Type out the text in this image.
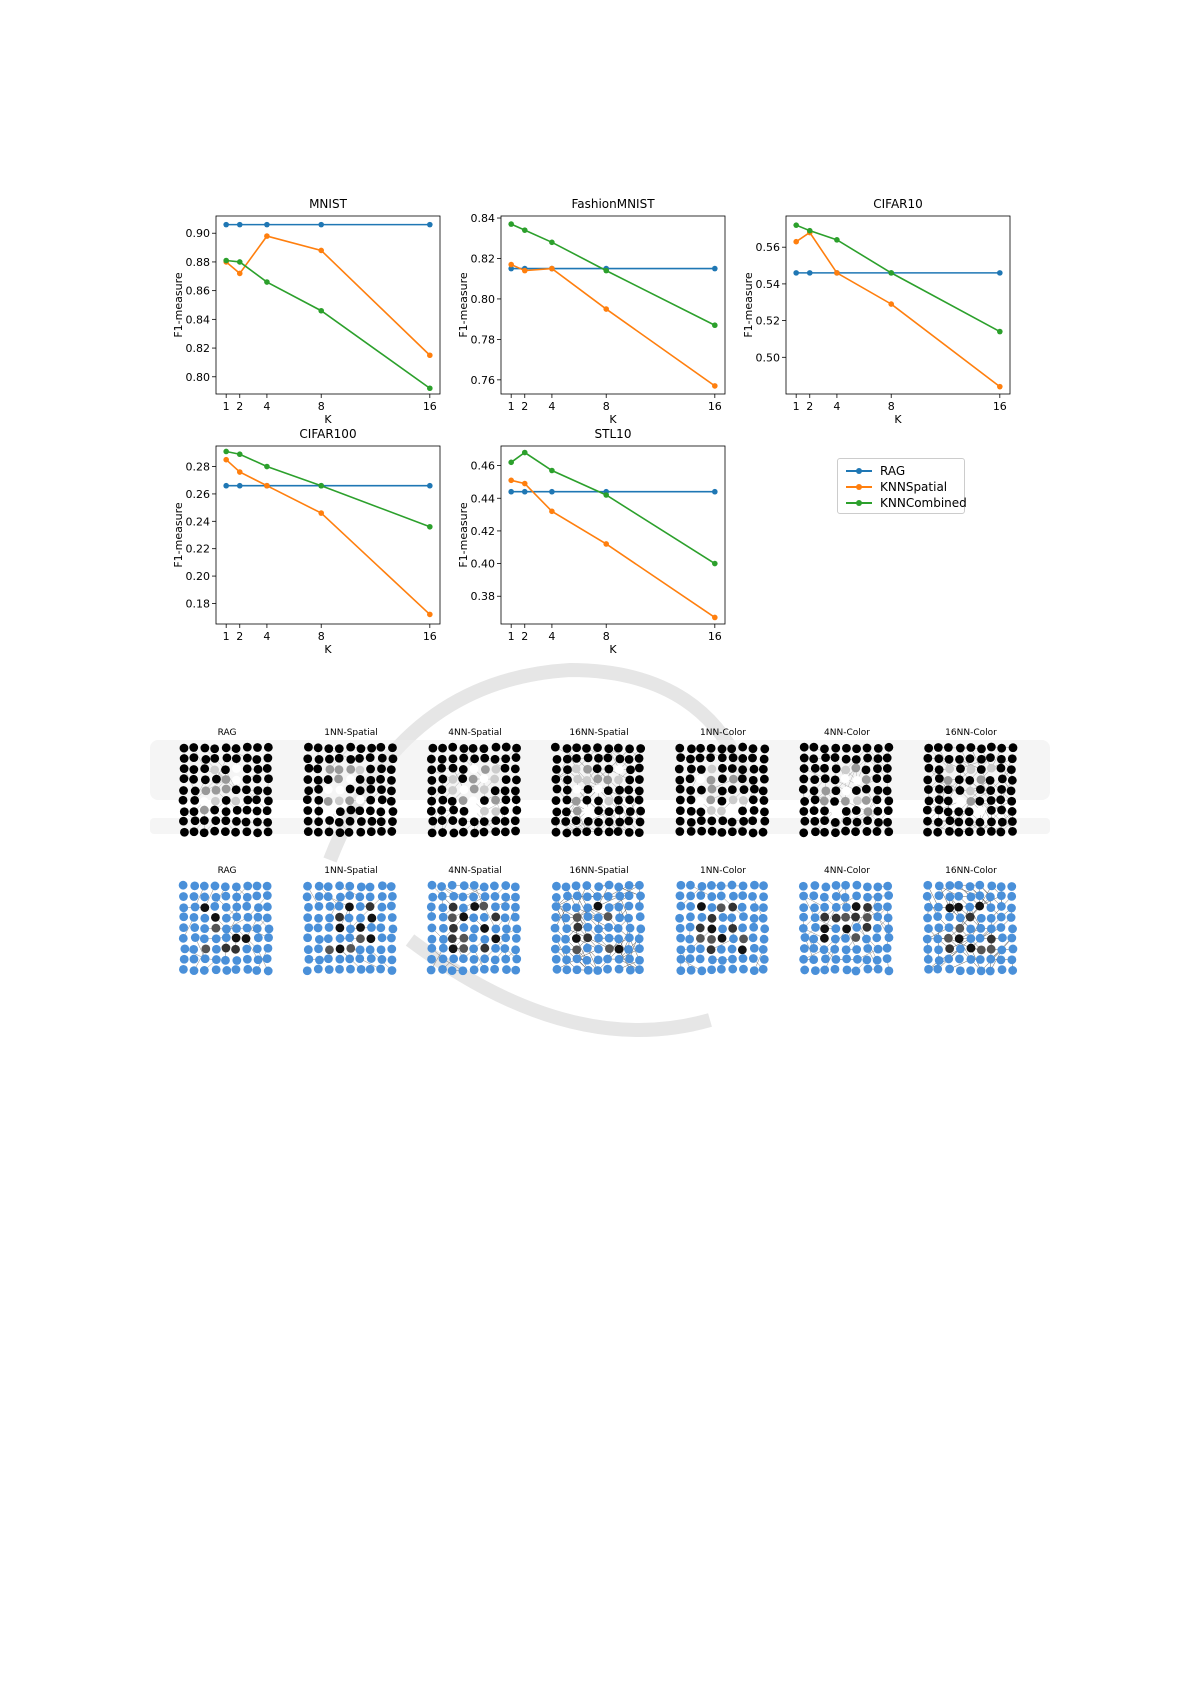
MNIST
0.80
0.82
0.84
0.86
0.88
0.90
1 2 4	8	16
K
F1-measure
FashionMNIST
0.76
0.78
0.80
0.82
0.84
1 2 4	8	16
K
F1-measure
CIFAR10
0.50
0.52
0.54
0.56
1 2 4	8	16
K
F1-measure
CIFAR100
0.18
0.20
0.22
0.24
0.26
0.28
1 2 4	8	16
K
F1-measure
STL10
0.38
0.40
0.42
0.44
0.46
1 2 4	8	16
K
F1-measure
RAG
KNNSpatial
KNNCombined
RAG	1NN-Spatial	4NN-Spatial	16NN-Spatial	1NN-Color	4NN-Color	16NN-Color
RAG	1NN-Spatial	4NN-Spatial	16NN-Spatial	1NN-Color	4NN-Color	16NN-Color
